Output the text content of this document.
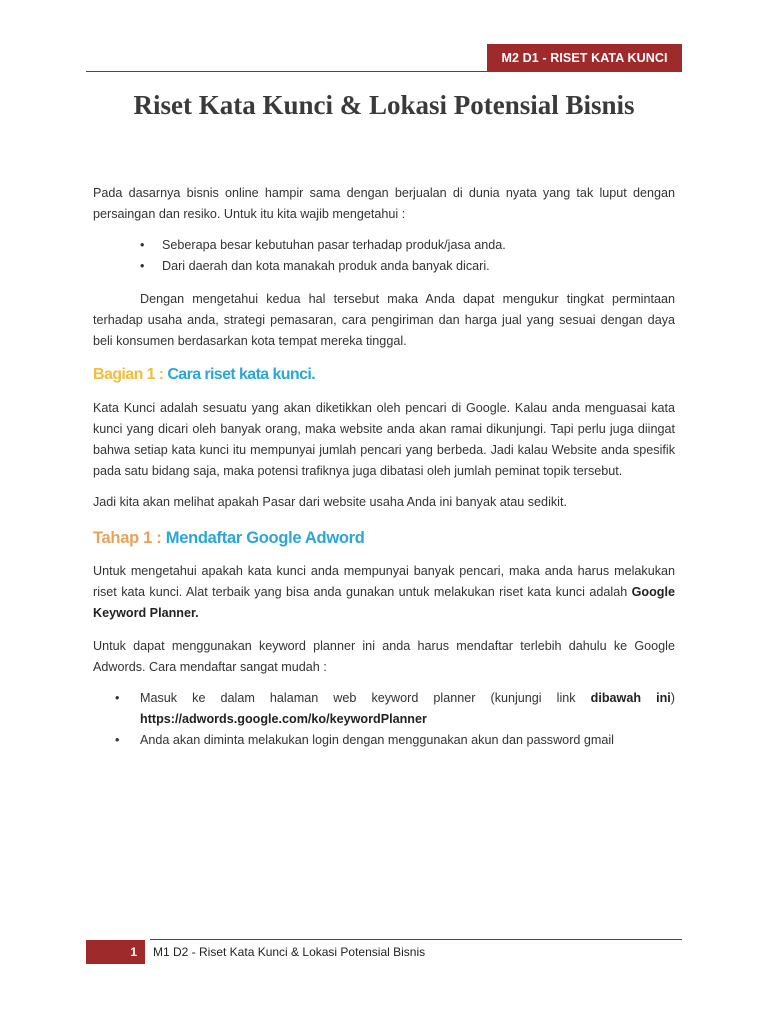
M2 D1 - RISET KATA KUNCI
Riset Kata Kunci & Lokasi Potensial Bisnis

Pada dasarnya bisnis online hampir sama dengan berjualan di dunia nyata yang tak luput dengan persaingan dan resiko. Untuk itu kita wajib mengetahui :

• Seberapa besar kebutuhan pasar terhadap produk/jasa anda.
• Dari daerah dan kota manakah produk anda banyak dicari.

Dengan mengetahui kedua hal tersebut maka Anda dapat mengukur tingkat permintaan terhadap usaha anda, strategi pemasaran, cara pengiriman dan harga jual yang sesuai dengan daya beli konsumen berdasarkan kota tempat mereka tinggal.

Bagian 1 : Cara riset kata kunci.

Kata Kunci adalah sesuatu yang akan diketikkan oleh pencari di Google. Kalau anda menguasai kata kunci yang dicari oleh banyak orang, maka website anda akan ramai dikunjungi. Tapi perlu juga diingat bahwa setiap kata kunci itu mempunyai jumlah pencari yang berbeda. Jadi kalau Website anda spesifik pada satu bidang saja, maka potensi trafiknya juga dibatasi oleh jumlah peminat topik tersebut.

Jadi kita akan melihat apakah Pasar dari website usaha Anda ini banyak atau sedikit.

Tahap 1 : Mendaftar Google Adword

Untuk mengetahui apakah kata kunci anda mempunyai banyak pencari, maka anda harus melakukan riset kata kunci. Alat terbaik yang bisa anda gunakan untuk melakukan riset kata kunci adalah Google Keyword Planner.

Untuk dapat menggunakan keyword planner ini anda harus mendaftar terlebih dahulu ke Google Adwords. Cara mendaftar sangat mudah :

• Masuk ke dalam halaman web keyword planner (kunjungi link dibawah ini) https://adwords.google.com/ko/keywordPlanner
• Anda akan diminta melakukan login dengan menggunakan akun dan password gmail
1	M1 D2 - Riset Kata Kunci & Lokasi Potensial Bisnis
